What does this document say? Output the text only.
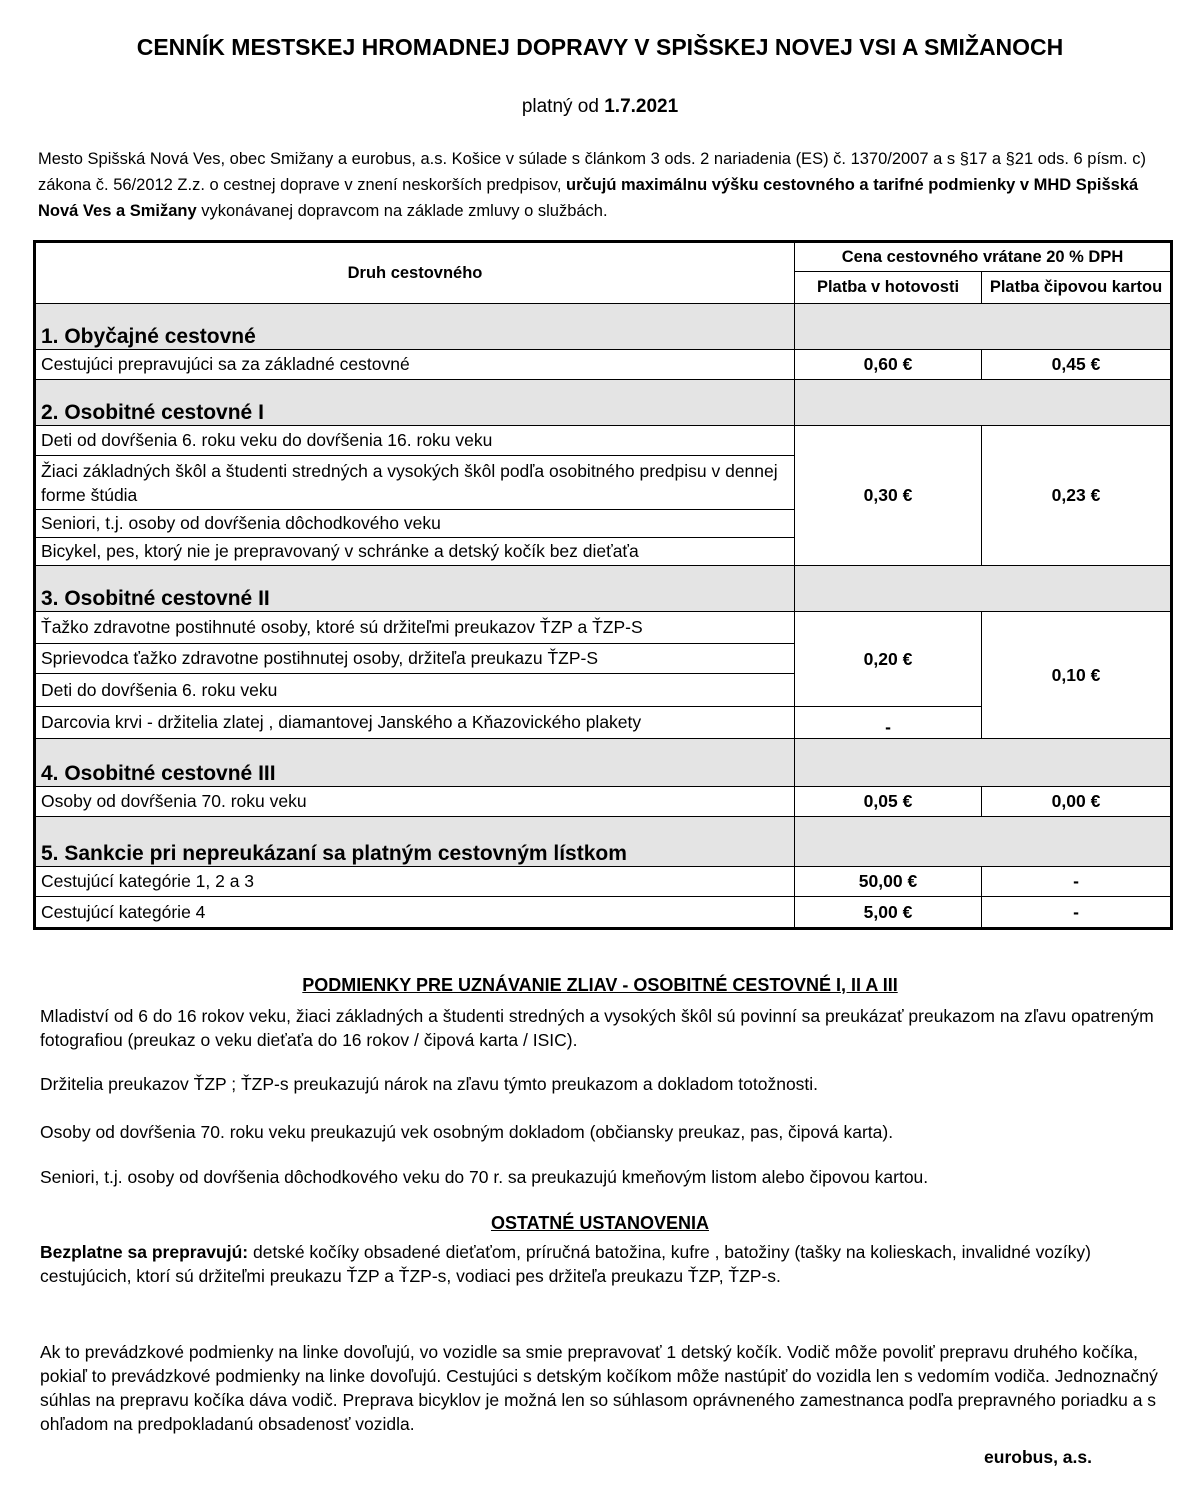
CENNÍK MESTSKEJ HROMADNEJ DOPRAVY V SPIŠSKEJ NOVEJ VSI A SMIŽANOCH
platný od 1.7.2021

Mesto Spišská Nová Ves, obec Smižany a eurobus, a.s. Košice v súlade s článkom 3 ods. 2 nariadenia (ES) č. 1370/2007 a s §17 a §21 ods. 6 písm. c) zákona č. 56/2012 Z.z. o cestnej doprave v znení neskorších predpisov, určujú maximálnu výšku cestovného a tarifné podmienky v MHD Spišská Nová Ves a Smižany vykonávanej dopravcom na základe zmluvy o službách.

Druh cestovného	Cena cestovného vrátane 20 % DPH	
	Platba v hotovosti	Platba čipovou kartou
1. Obyčajné cestovné		
Cestujúci prepravujúci sa za základné cestovné	0,60 €	0,45 €
2. Osobitné cestovné I		
Deti od dovŕšenia 6. roku veku do dovŕšenia 16. roku veku	0,30 €	0,23 €
Žiaci základných škôl a študenti stredných a vysokých škôl podľa osobitného predpisu v dennej forme štúdia		
Seniori, t.j. osoby od dovŕšenia dôchodkového veku		
Bicykel, pes, ktorý nie je prepravovaný v schránke a detský kočík bez dieťaťa		
3. Osobitné cestovné II		
Ťažko zdravotne postihnuté osoby, ktoré sú držiteľmi preukazov ŤZP a ŤZP-S	0,20 €	0,10 €
Sprievodca ťažko zdravotne postihnutej osoby, držiteľa preukazu ŤZP-S		
Deti do dovŕšenia 6. roku veku		
Darcovia krvi - držitelia zlatej , diamantovej Janského a Kňazovického plakety	-	
4. Osobitné cestovné III		
Osoby od dovŕšenia 70. roku veku	0,05 €	0,00 €
5. Sankcie pri nepreukázaní sa platným cestovným lístkom		
Cestujúcí kategórie 1, 2 a 3	50,00 €	-
Cestujúcí kategórie 4	5,00 €	-
PODMIENKY PRE UZNÁVANIE ZLIAV - OSOBITNÉ CESTOVNÉ I, II A III
Mladiství od 6 do 16 rokov veku, žiaci základných a študenti stredných a vysokých škôl sú povinní sa preukázať preukazom na zľavu opatreným fotografiou (preukaz o veku dieťaťa do 16 rokov / čipová karta / ISIC).
Držitelia preukazov ŤZP ; ŤZP-s preukazujú nárok na zľavu týmto preukazom a dokladom totožnosti.
Osoby od dovŕšenia 70. roku veku preukazujú vek osobným dokladom (občiansky preukaz, pas, čipová karta).
Seniori, t.j. osoby od dovŕšenia dôchodkového veku do 70 r. sa preukazujú kmeňovým listom alebo čipovou kartou.
OSTATNÉ USTANOVENIA

Bezplatne sa prepravujú: detské kočíky obsadené dieťaťom, príručná batožina, kufre , batožiny (tašky na kolieskach, invalidné vozíky) cestujúcich, ktorí sú držiteľmi preukazu ŤZP a ŤZP-s, vodiaci pes držiteľa preukazu ŤZP, ŤZP-s.

Ak to prevádzkové podmienky na linke dovoľujú, vo vozidle sa smie prepravovať 1 detský kočík. Vodič môže povoliť prepravu druhého kočíka, pokiaľ to prevádzkové podmienky na linke dovoľujú. Cestujúci s detským kočíkom môže nastúpiť do vozidla len s vedomím vodiča. Jednoznačný súhlas na prepravu kočíka dáva vodič. Preprava bicyklov je možná len so súhlasom oprávneného zamestnanca podľa prepravného poriadku a s ohľadom na predpokladanú obsadenosť vozidla.
eurobus, a.s.
